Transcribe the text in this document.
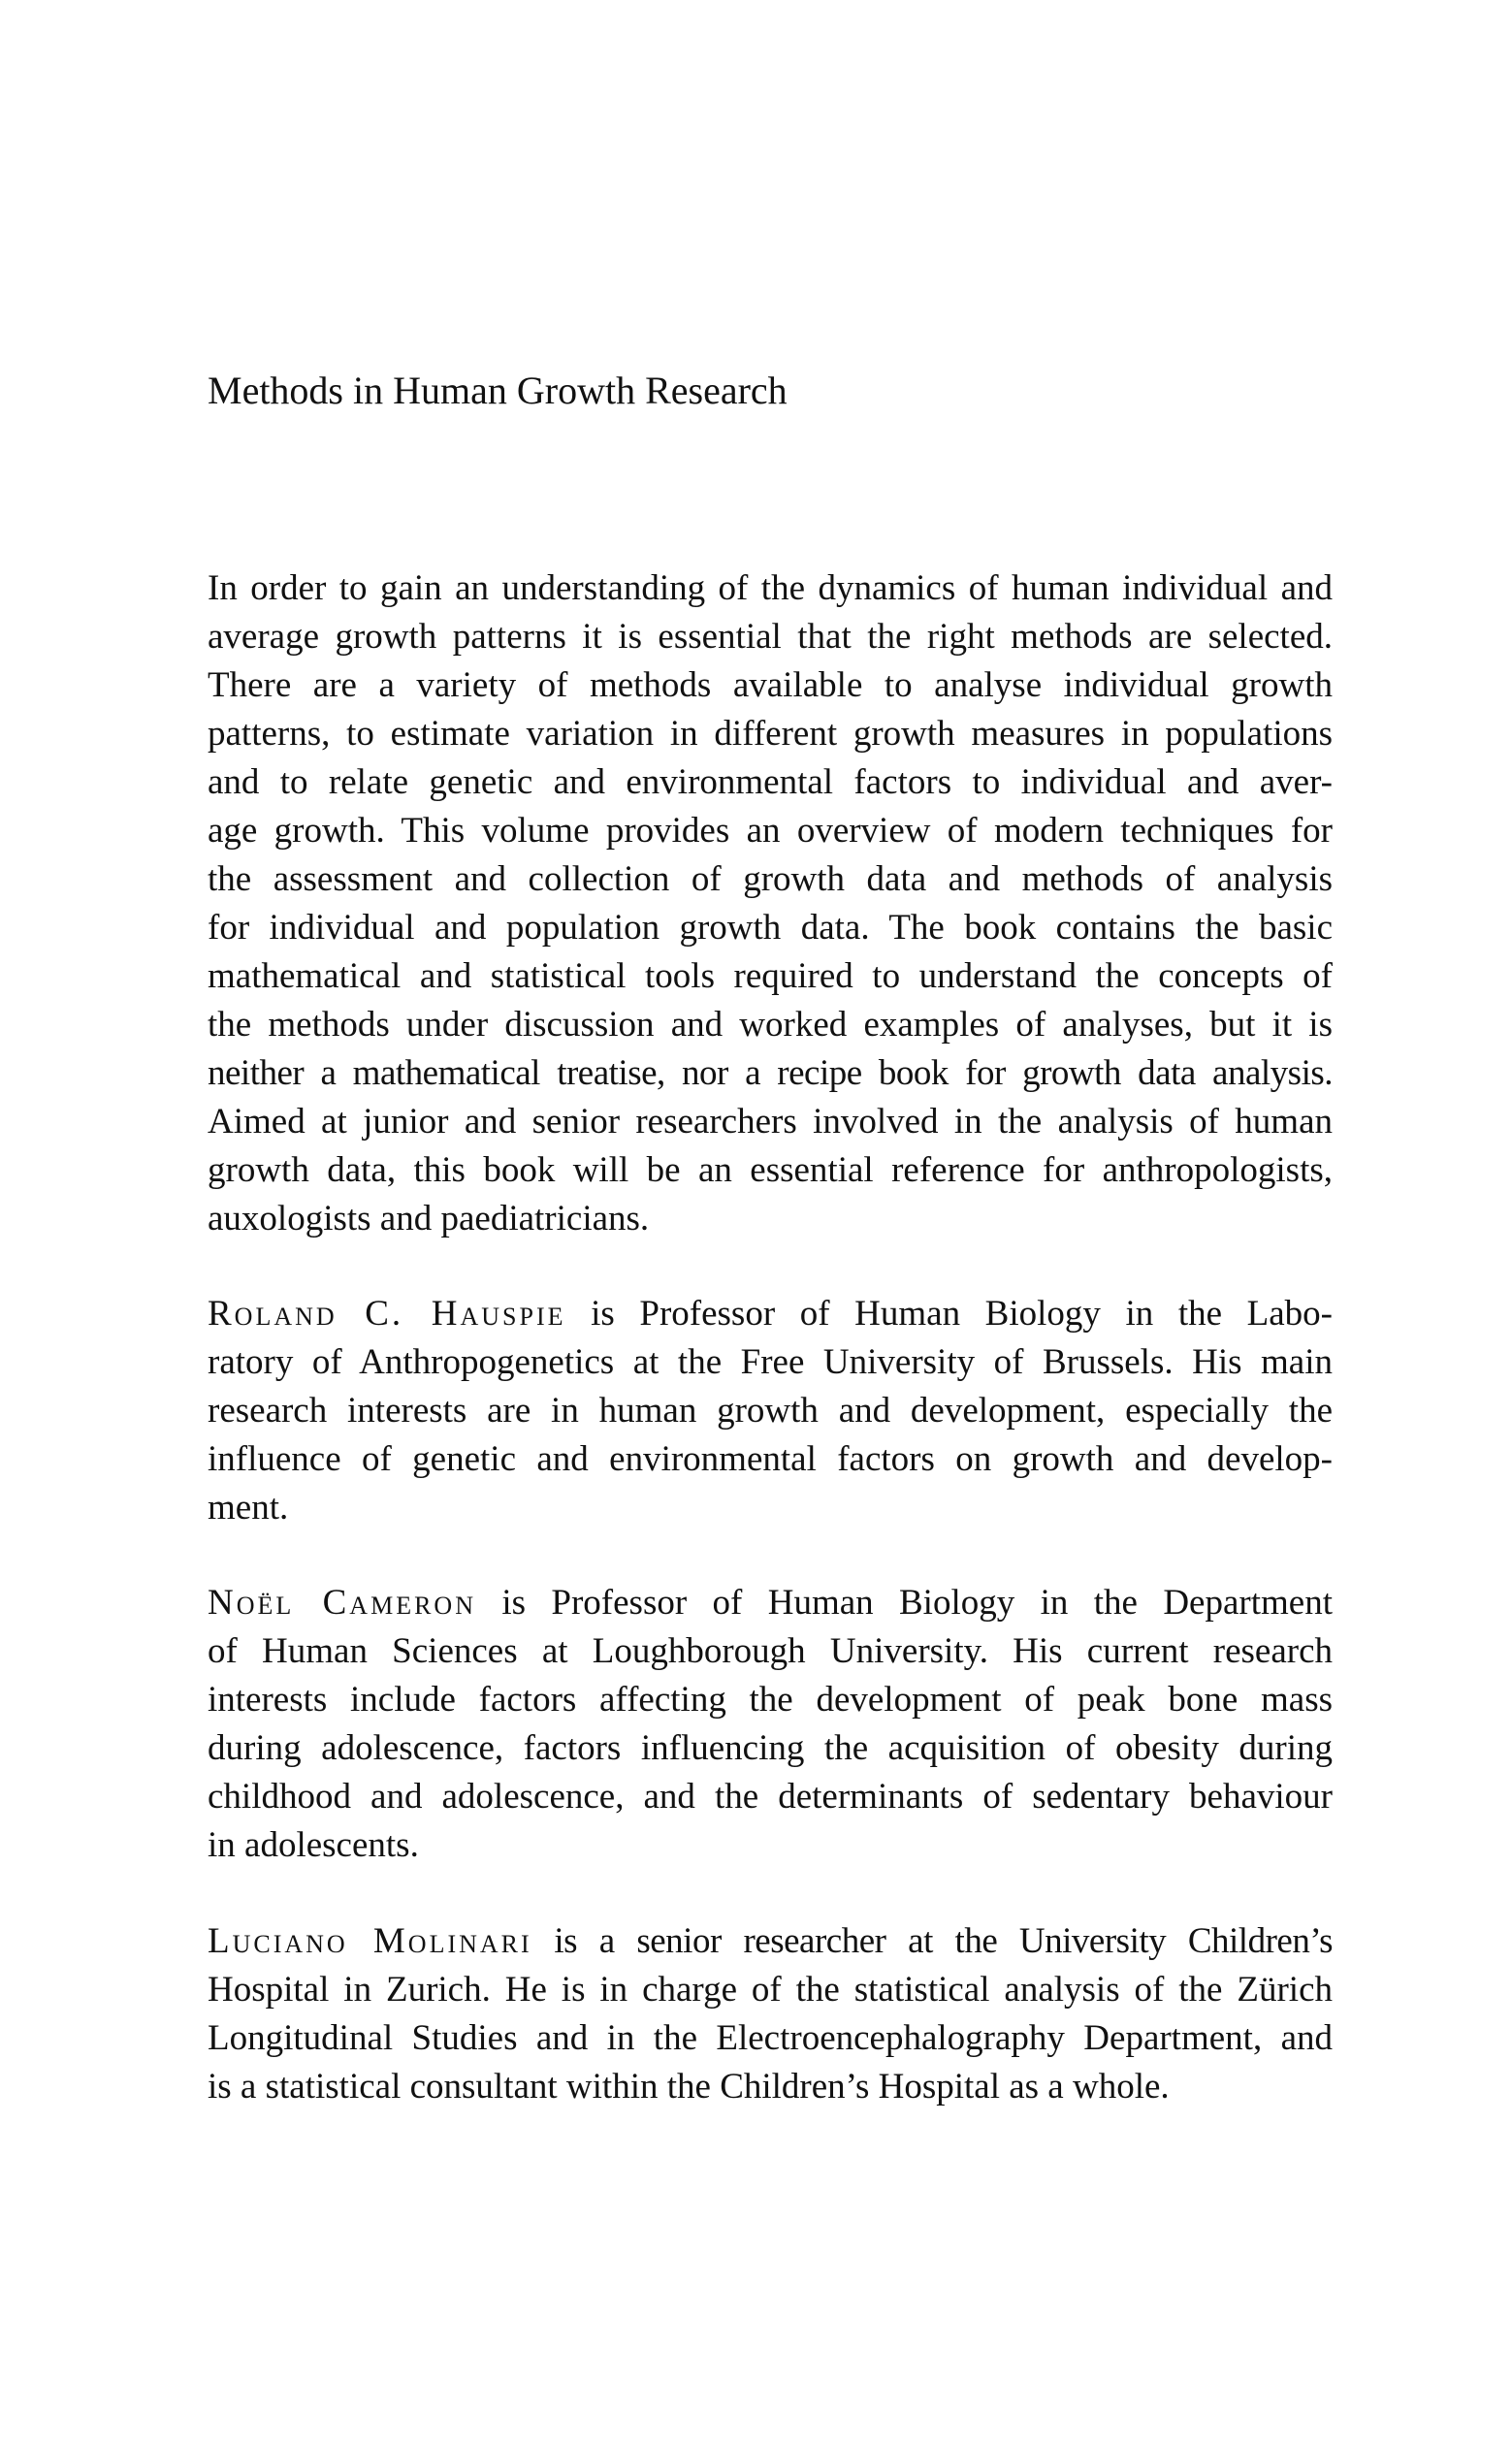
Methods in Human Growth Research

In order to gain an understanding of the dynamics of human individual and
average growth patterns it is essential that the right methods are selected.
There are a variety of methods available to analyse individual growth
patterns, to estimate variation in different growth measures in populations
and to relate genetic and environmental factors to individual and aver-
age growth. This volume provides an overview of modern techniques for
the assessment and collection of growth data and methods of analysis
for individual and population growth data. The book contains the basic
mathematical and statistical tools required to understand the concepts of
the methods under discussion and worked examples of analyses, but it is
neither a mathematical treatise, nor a recipe book for growth data analysis.
Aimed at junior and senior researchers involved in the analysis of human
growth data, this book will be an essential reference for anthropologists,
auxologists and paediatricians.

Roland C. Hauspie is Professor of Human Biology in the Labo-
ratory of Anthropogenetics at the Free University of Brussels. His main
research interests are in human growth and development, especially the
influence of genetic and environmental factors on growth and develop-
ment.

Noël Cameron is Professor of Human Biology in the Department
of Human Sciences at Loughborough University. His current research
interests include factors affecting the development of peak bone mass
during adolescence, factors influencing the acquisition of obesity during
childhood and adolescence, and the determinants of sedentary behaviour
in adolescents.

Luciano Molinari is a senior researcher at the University Children’s
Hospital in Zurich. He is in charge of the statistical analysis of the Zürich
Longitudinal Studies and in the Electroencephalography Department, and
is a statistical consultant within the Children’s Hospital as a whole.
